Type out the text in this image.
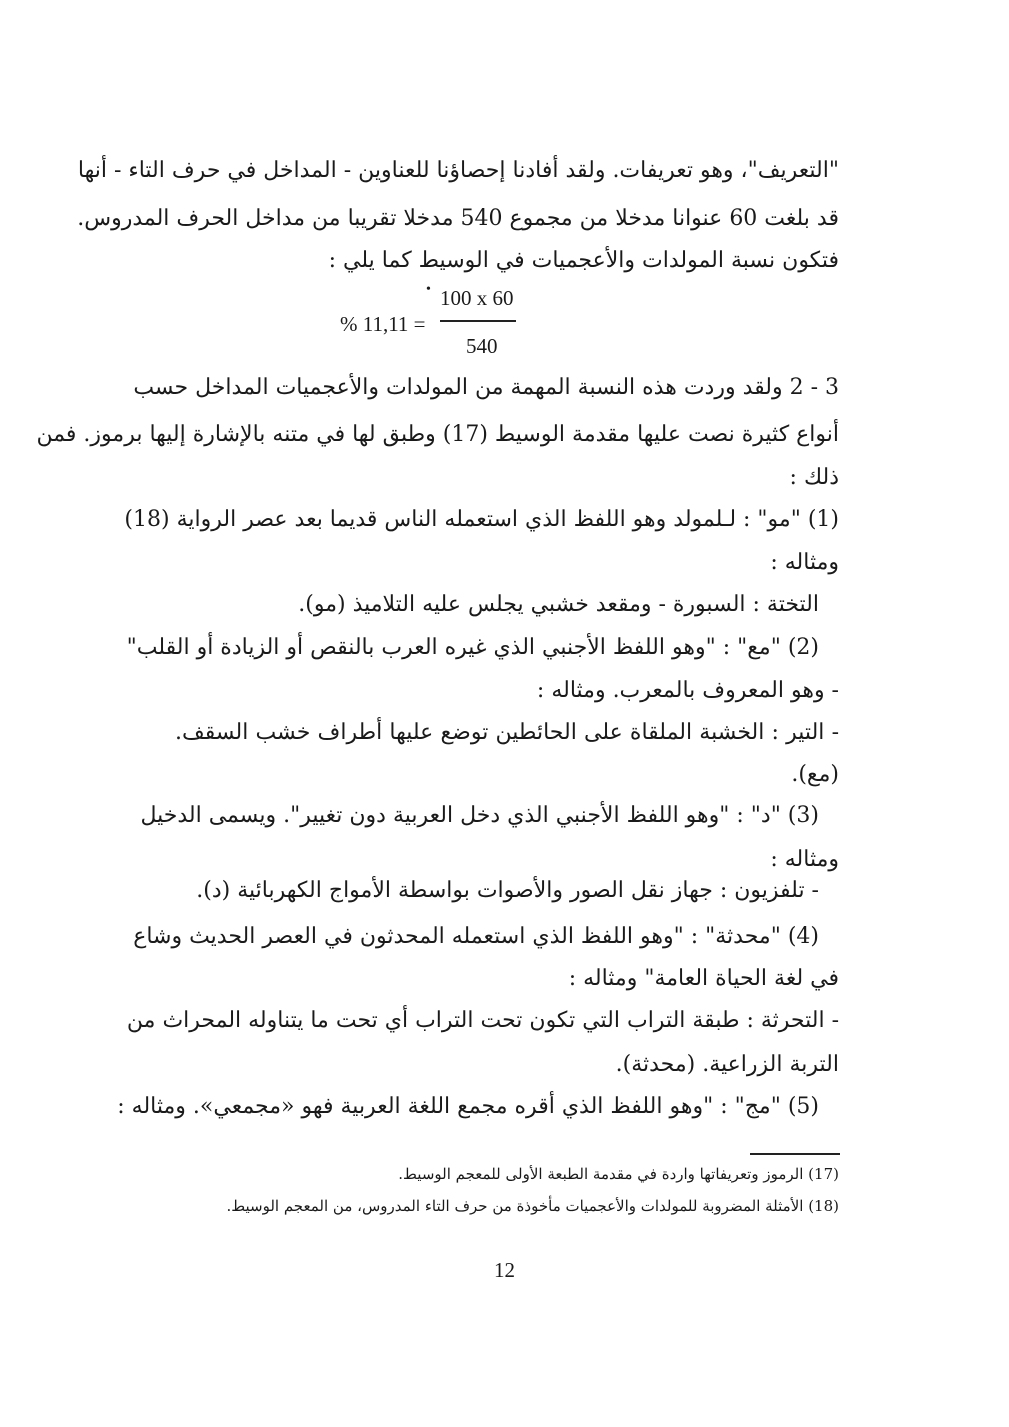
"التعريف"، وهو تعريفات. ولقد أفادنا إحصاؤنا للعناوين - المداخل في حرف التاء - أنها
قد بلغت 60 عنوانا مدخلا من مجموع 540 مدخلا تقريبا من مداخل الحرف المدروس.
فتكون نسبة المولدات والأعجميات في الوسيط كما يلي :
• 100 x 60
540
% 11,11 =
3 - 2 ولقد وردت هذه النسبة المهمة من المولدات والأعجميات المداخل حسب
أنواع كثيرة نصت عليها مقدمة الوسيط (17) وطبق لها في متنه بالإشارة إليها برموز. فمن
ذلك :
(1) "مو" : لـلمولد وهو اللفظ الذي استعمله الناس قديما بعد عصر الرواية (18)
ومثاله :
التختة : السبورة - ومقعد خشبي يجلس عليه التلاميذ (مو).
(2) "مع" : "وهو اللفظ الأجنبي الذي غيره العرب بالنقص أو الزيادة أو القلب"
- وهو المعروف بالمعرب. ومثاله :
- التير : الخشبة الملقاة على الحائطين توضع عليها أطراف خشب السقف.
(مع).
(3) "د" : "وهو اللفظ الأجنبي الذي دخل العربية دون تغيير". ويسمى الدخيل
ومثاله :
- تلفزيون : جهاز نقل الصور والأصوات بواسطة الأمواج الكهربائية (د).
(4) "محدثة" : "وهو اللفظ الذي استعمله المحدثون في العصر الحديث وشاع
في لغة الحياة العامة" ومثاله :
- التحرثة : طبقة التراب التي تكون تحت التراب أي تحت ما يتناوله المحراث من
التربة الزراعية. (محدثة).
(5) "مج" : "وهو اللفظ الذي أقره مجمع اللغة العربية فهو «مجمعي». ومثاله :
(17) الرموز وتعريفاتها واردة في مقدمة الطبعة الأولى للمعجم الوسيط.
(18) الأمثلة المضروبة للمولدات والأعجميات مأخوذة من حرف التاء المدروس، من المعجم الوسيط.
12
